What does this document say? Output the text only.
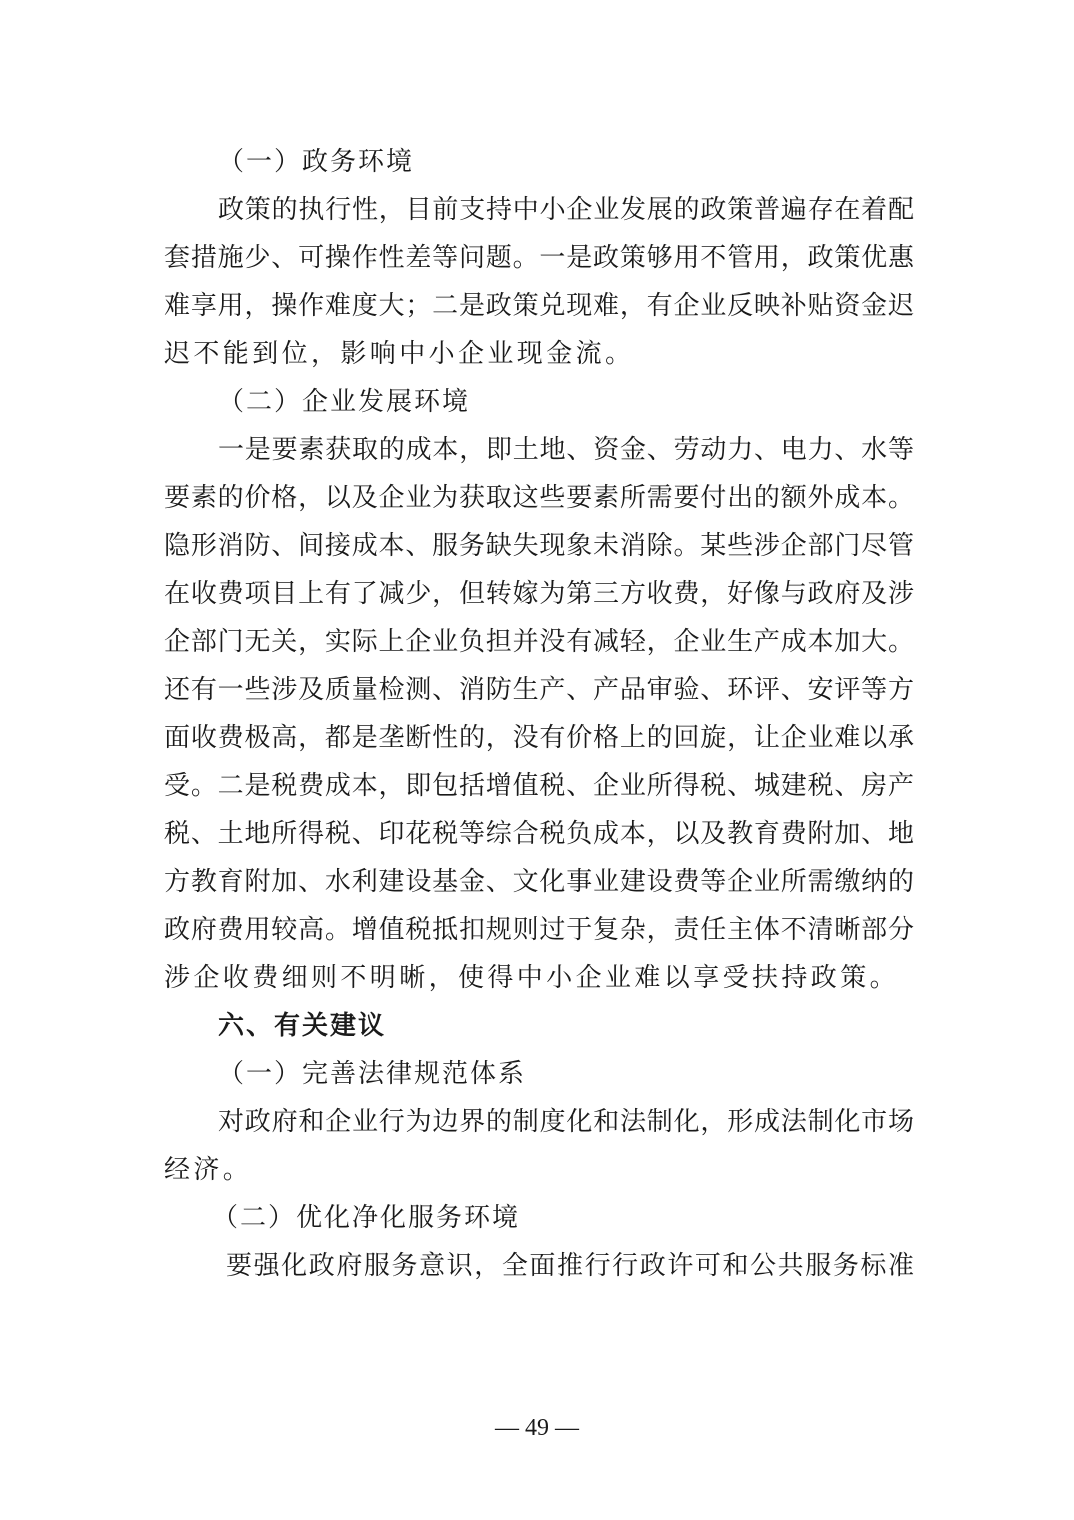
（一）政务环境

政策的执行性，目前支持中小企业发展的政策普遍存在着配

套措施少、可操作性差等问题。一是政策够用不管用，政策优惠

难享用，操作难度大；二是政策兑现难，有企业反映补贴资金迟

迟不能到位，影响中小企业现金流。

（二）企业发展环境

一是要素获取的成本，即土地、资金、劳动力、电力、水等

要素的价格，以及企业为获取这些要素所需要付出的额外成本。

隐形消防、间接成本、服务缺失现象未消除。某些涉企部门尽管

在收费项目上有了减少，但转嫁为第三方收费，好像与政府及涉

企部门无关，实际上企业负担并没有减轻，企业生产成本加大。

还有一些涉及质量检测、消防生产、产品审验、环评、安评等方

面收费极高，都是垄断性的，没有价格上的回旋，让企业难以承

受。二是税费成本，即包括增值税、企业所得税、城建税、房产

税、土地所得税、印花税等综合税负成本，以及教育费附加、地

方教育附加、水利建设基金、文化事业建设费等企业所需缴纳的

政府费用较高。增值税抵扣规则过于复杂，责任主体不清晰部分

涉企收费细则不明晰，使得中小企业难以享受扶持政策。

六、有关建议

（一）完善法律规范体系

对政府和企业行为边界的制度化和法制化，形成法制化市场

经济。

（二）优化净化服务环境

要强化政府服务意识，全面推行行政许可和公共服务标准

— 49 —
